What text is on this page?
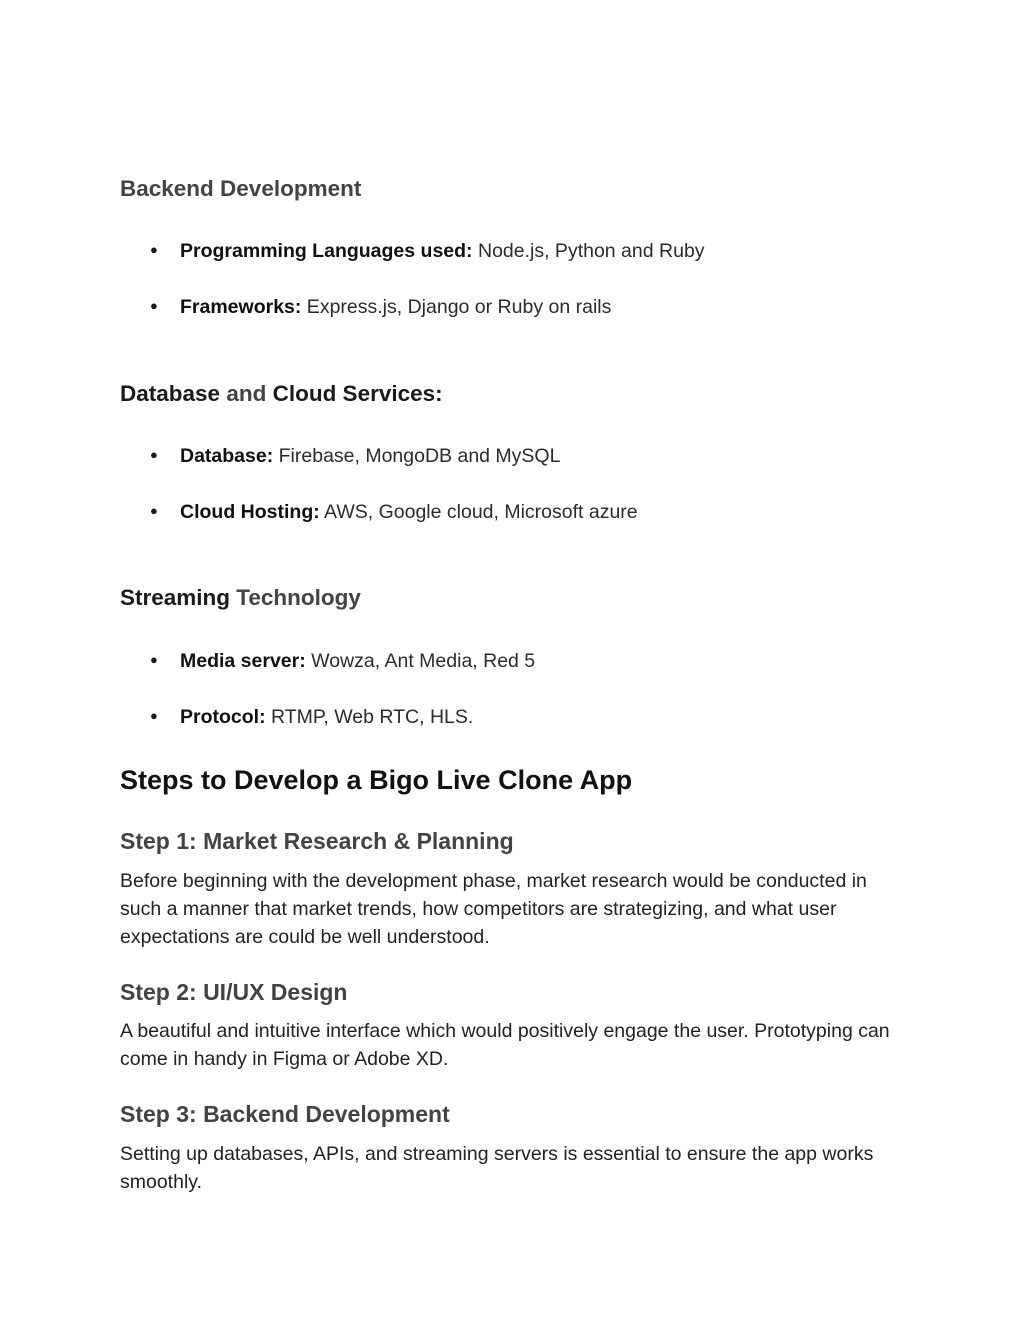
Backend Development
● Programming Languages used: Node.js, Python and Ruby
● Frameworks: Express.js, Django or Ruby on rails
Database and Cloud Services:
● Database: Firebase, MongoDB and MySQL
● Cloud Hosting: AWS, Google cloud, Microsoft azure
Streaming Technology
● Media server: Wowza, Ant Media, Red 5
● Protocol: RTMP, Web RTC, HLS.
Steps to Develop a Bigo Live Clone App
Step 1: Market Research & Planning

Before beginning with the development phase, market research would be conducted in such a manner that market trends, how competitors are strategizing, and what user expectations are could be well understood.

Step 2: UI/UX Design

A beautiful and intuitive interface which would positively engage the user. Prototyping can come in handy in Figma or Adobe XD.

Step 3: Backend Development

Setting up databases, APIs, and streaming servers is essential to ensure the app works smoothly.
